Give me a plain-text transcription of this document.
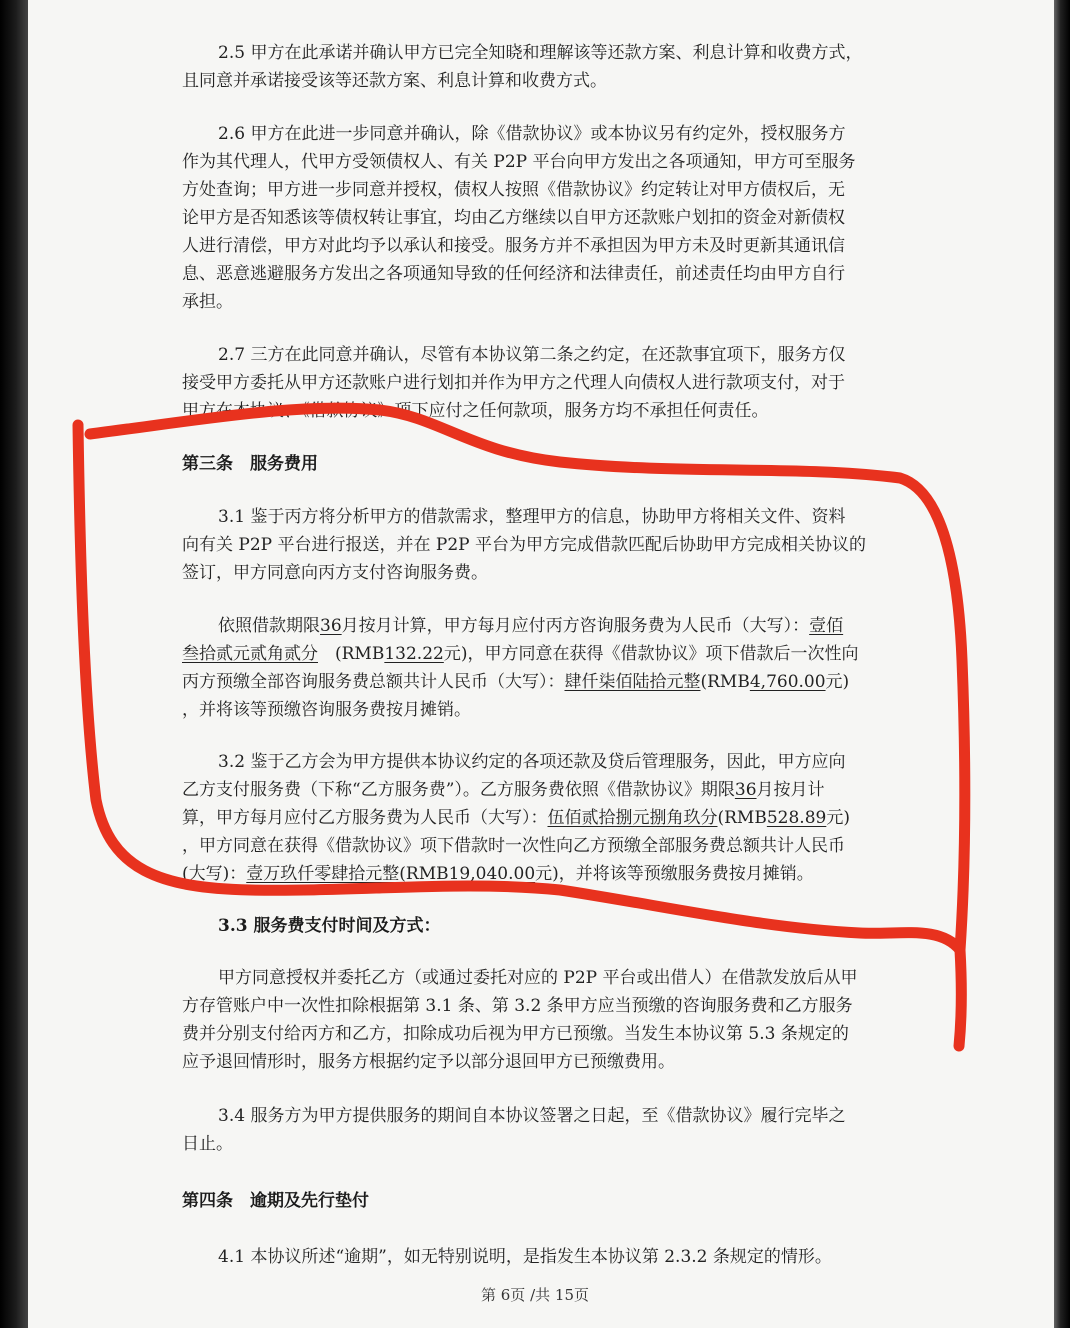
2.5 甲方在此承诺并确认甲方已完全知晓和理解该等还款方案、利息计算和收费方式，
且同意并承诺接受该等还款方案、利息计算和收费方式。
2.6 甲方在此进一步同意并确认，除《借款协议》或本协议另有约定外，授权服务方
作为其代理人，代甲方受领债权人、有关 P2P 平台向甲方发出之各项通知，甲方可至服务
方处查询；甲方进一步同意并授权，债权人按照《借款协议》约定转让对甲方债权后，无
论甲方是否知悉该等债权转让事宜，均由乙方继续以自甲方还款账户划扣的资金对新债权
人进行清偿，甲方对此均予以承认和接受。服务方并不承担因为甲方未及时更新其通讯信
息、恶意逃避服务方发出之各项通知导致的任何经济和法律责任，前述责任均由甲方自行
承担。
2.7 三方在此同意并确认，尽管有本协议第二条之约定，在还款事宜项下，服务方仅
接受甲方委托从甲方还款账户进行划扣并作为甲方之代理人向债权人进行款项支付，对于
甲方在本协议、《借款协议》项下应付之任何款项，服务方均不承担任何责任。
第三条　服务费用
3.1 鉴于丙方将分析甲方的借款需求，整理甲方的信息，协助甲方将相关文件、资料
向有关 P2P 平台进行报送，并在 P2P 平台为甲方完成借款匹配后协助甲方完成相关协议的
签订，甲方同意向丙方支付咨询服务费。
依照借款期限36月按月计算，甲方每月应付丙方咨询服务费为人民币（大写）：壹佰
叁拾贰元贰角贰分　(RMB132.22元)，甲方同意在获得《借款协议》项下借款后一次性向
丙方预缴全部咨询服务费总额共计人民币（大写）：肆仟柒佰陆拾元整(RMB4,760.00元)
，并将该等预缴咨询服务费按月摊销。
3.2 鉴于乙方会为甲方提供本协议约定的各项还款及贷后管理服务，因此，甲方应向
乙方支付服务费（下称“乙方服务费”）。乙方服务费依照《借款协议》期限36月按月计
算，甲方每月应付乙方服务费为人民币（大写）：伍佰贰拾捌元捌角玖分(RMB528.89元)
，甲方同意在获得《借款协议》项下借款时一次性向乙方预缴全部服务费总额共计人民币
(大写)：壹万玖仟零肆拾元整(RMB19,040.00元)，并将该等预缴服务费按月摊销。
3.3 服务费支付时间及方式：
甲方同意授权并委托乙方（或通过委托对应的 P2P 平台或出借人）在借款发放后从甲
方存管账户中一次性扣除根据第 3.1 条、第 3.2 条甲方应当预缴的咨询服务费和乙方服务
费并分别支付给丙方和乙方，扣除成功后视为甲方已预缴。当发生本协议第 5.3 条规定的
应予退回情形时，服务方根据约定予以部分退回甲方已预缴费用。
3.4 服务方为甲方提供服务的期间自本协议签署之日起，至《借款协议》履行完毕之
日止。
第四条　逾期及先行垫付
4.1 本协议所述“逾期”，如无特别说明，是指发生本协议第 2.3.2 条规定的情形。
第 6页 /共 15页
